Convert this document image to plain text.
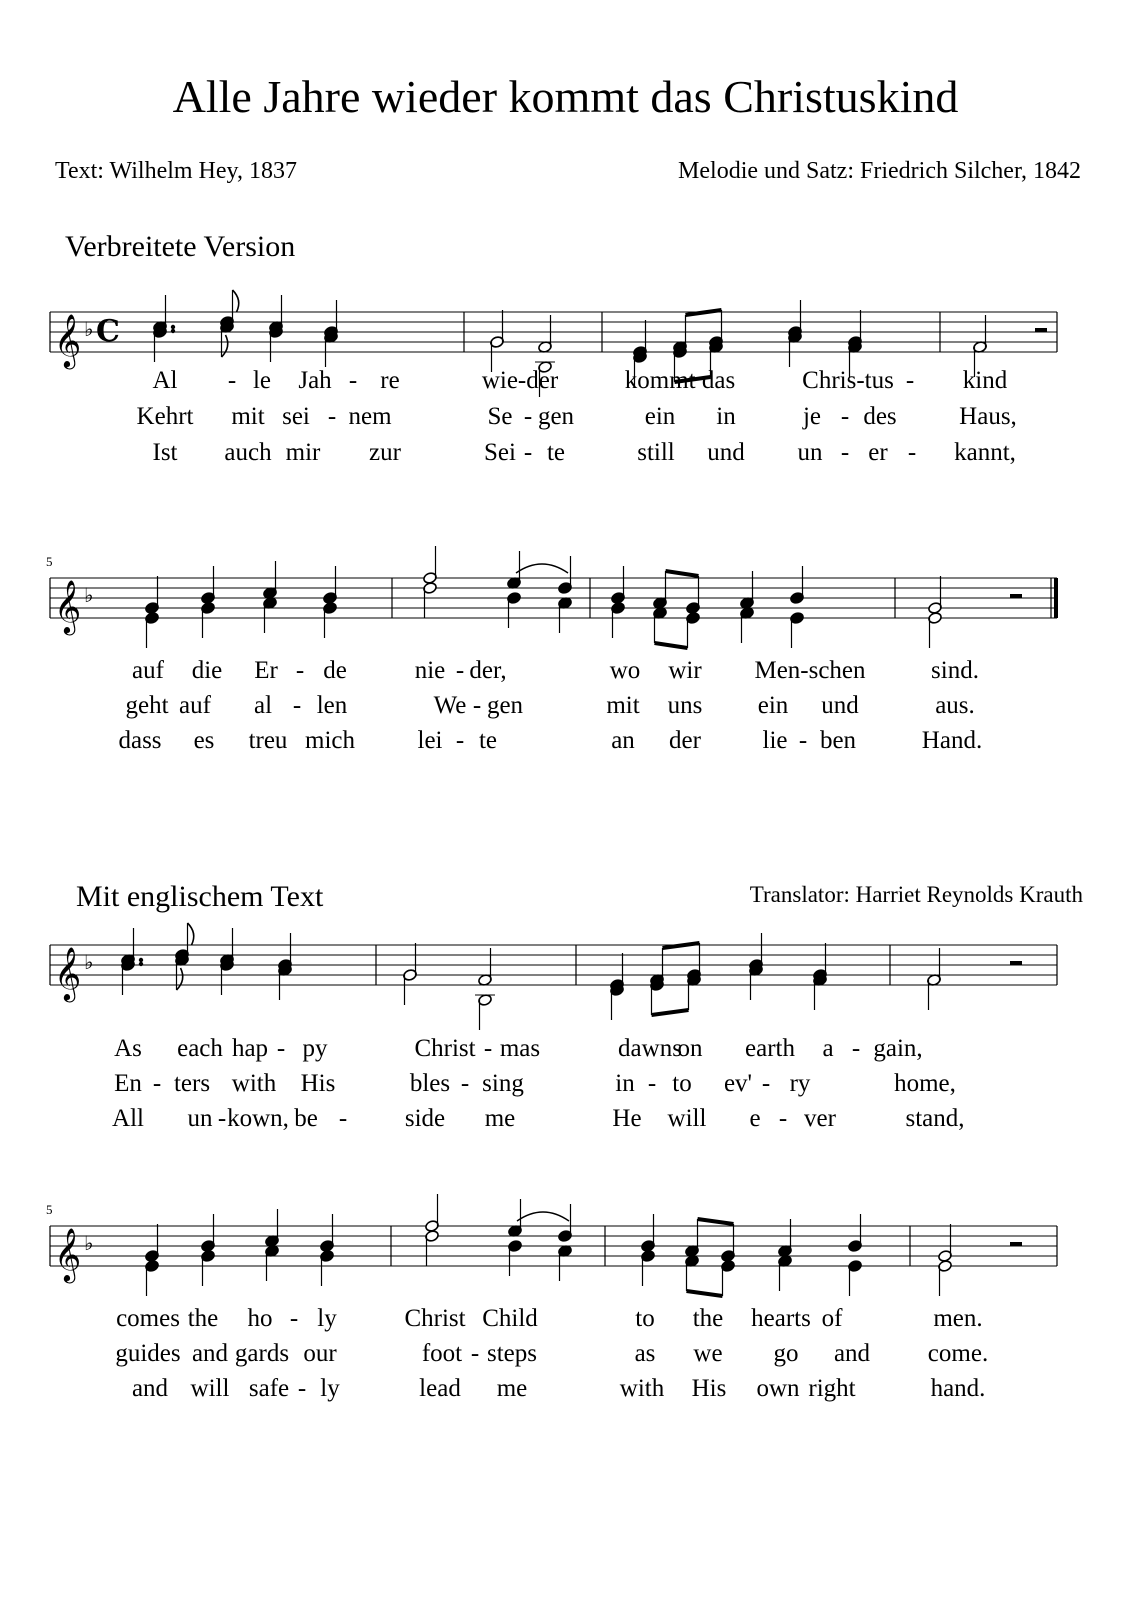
Alle Jahre wieder kommt das Christuskind
Text: Wilhelm Hey, 1837	Melodie und Satz: Friedrich Silcher, 1842
Verbreitete Version
Mit englischem Text	Translator: Harriet Reynolds Krauth
𝄞 ♭ C
𝄞 ♭
𝄞 ♭
𝄞 ♭
Al - le Jah - re	wie-der	kommt das	Chris-tus - kind
Kehrt mit sei - nem	Se - gen	ein in	je - des	Haus,
Ist auch mir zur	Sei - te	still und un - er - kannt,
5
auf die Er - de	nie - der,	wo wir Men-schen	sind.
geht auf al - len	We - gen	mit uns ein und	aus.
dass es treu mich	lei - te	an der lie - ben	Hand.
As each hap - py	Christ - mas	dawns
on earth a - gain,
En - ters with His	bles - sing	in - to ev' - ry	home,
All un - kown, be - side me	He will e - ver	stand,
5
comes the ho - ly	Christ Child	to the hearts of	men.
guides and gards our	foot - steps	as we go and come.
and will safe - ly	lead me	with His own right	hand.
